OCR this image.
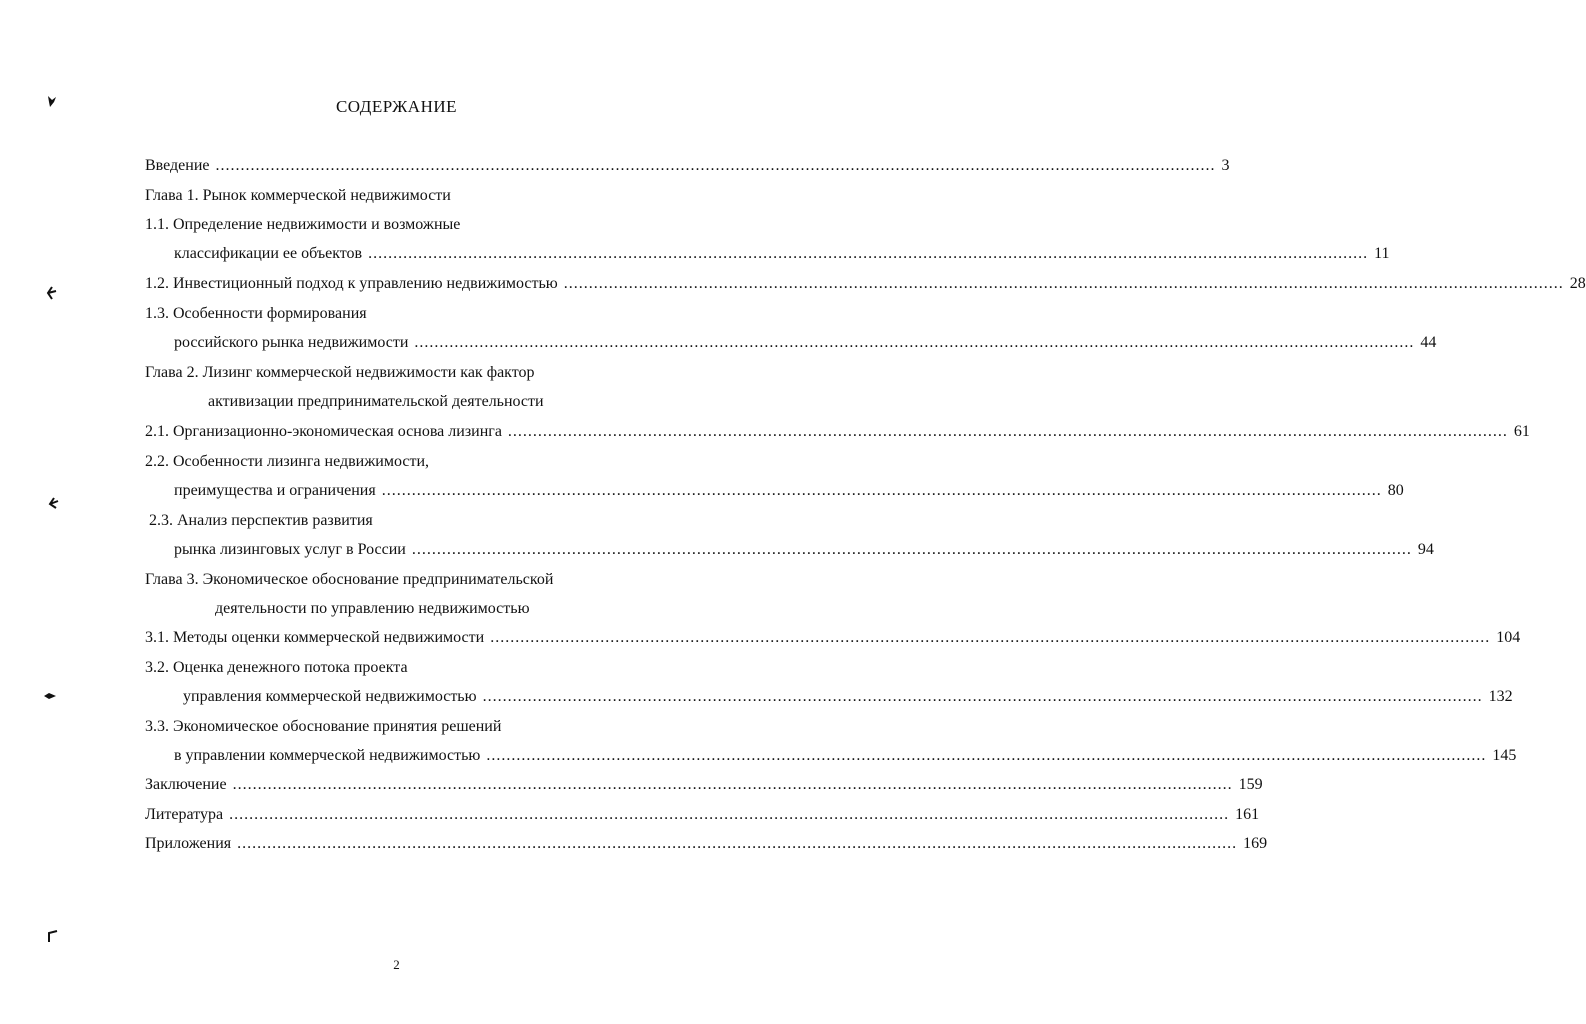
СОДЕРЖАНИЕ
Введение ........................................................................................................................................................................................................ 3
Глава 1. Рынок коммерческой недвижимости
1.1. Определение недвижимости и возможные
классификации ее объектов ........................................................................................................................................................................................................ 11
1.2. Инвестиционный подход к управлению недвижимостью ........................................................................................................................................................................................................ 28
1.3. Особенности формирования
российского рынка недвижимости ........................................................................................................................................................................................................ 44
Глава 2. Лизинг коммерческой недвижимости как фактор
активизации предпринимательской деятельности
2.1. Организационно-экономическая основа лизинга ........................................................................................................................................................................................................ 61
2.2. Особенности лизинга недвижимости,
преимущества и ограничения ........................................................................................................................................................................................................ 80
2.3. Анализ перспектив развития
рынка лизинговых услуг в России ........................................................................................................................................................................................................ 94
Глава 3. Экономическое обоснование предпринимательской
деятельности по управлению недвижимостью
3.1. Методы оценки коммерческой недвижимости ........................................................................................................................................................................................................ 104
3.2. Оценка денежного потока проекта
управления коммерческой недвижимостью ........................................................................................................................................................................................................ 132
3.3. Экономическое обоснование принятия решений
в управлении коммерческой недвижимостью ........................................................................................................................................................................................................ 145
Заключение ........................................................................................................................................................................................................ 159
Литература ........................................................................................................................................................................................................ 161
Приложения ........................................................................................................................................................................................................ 169
2
